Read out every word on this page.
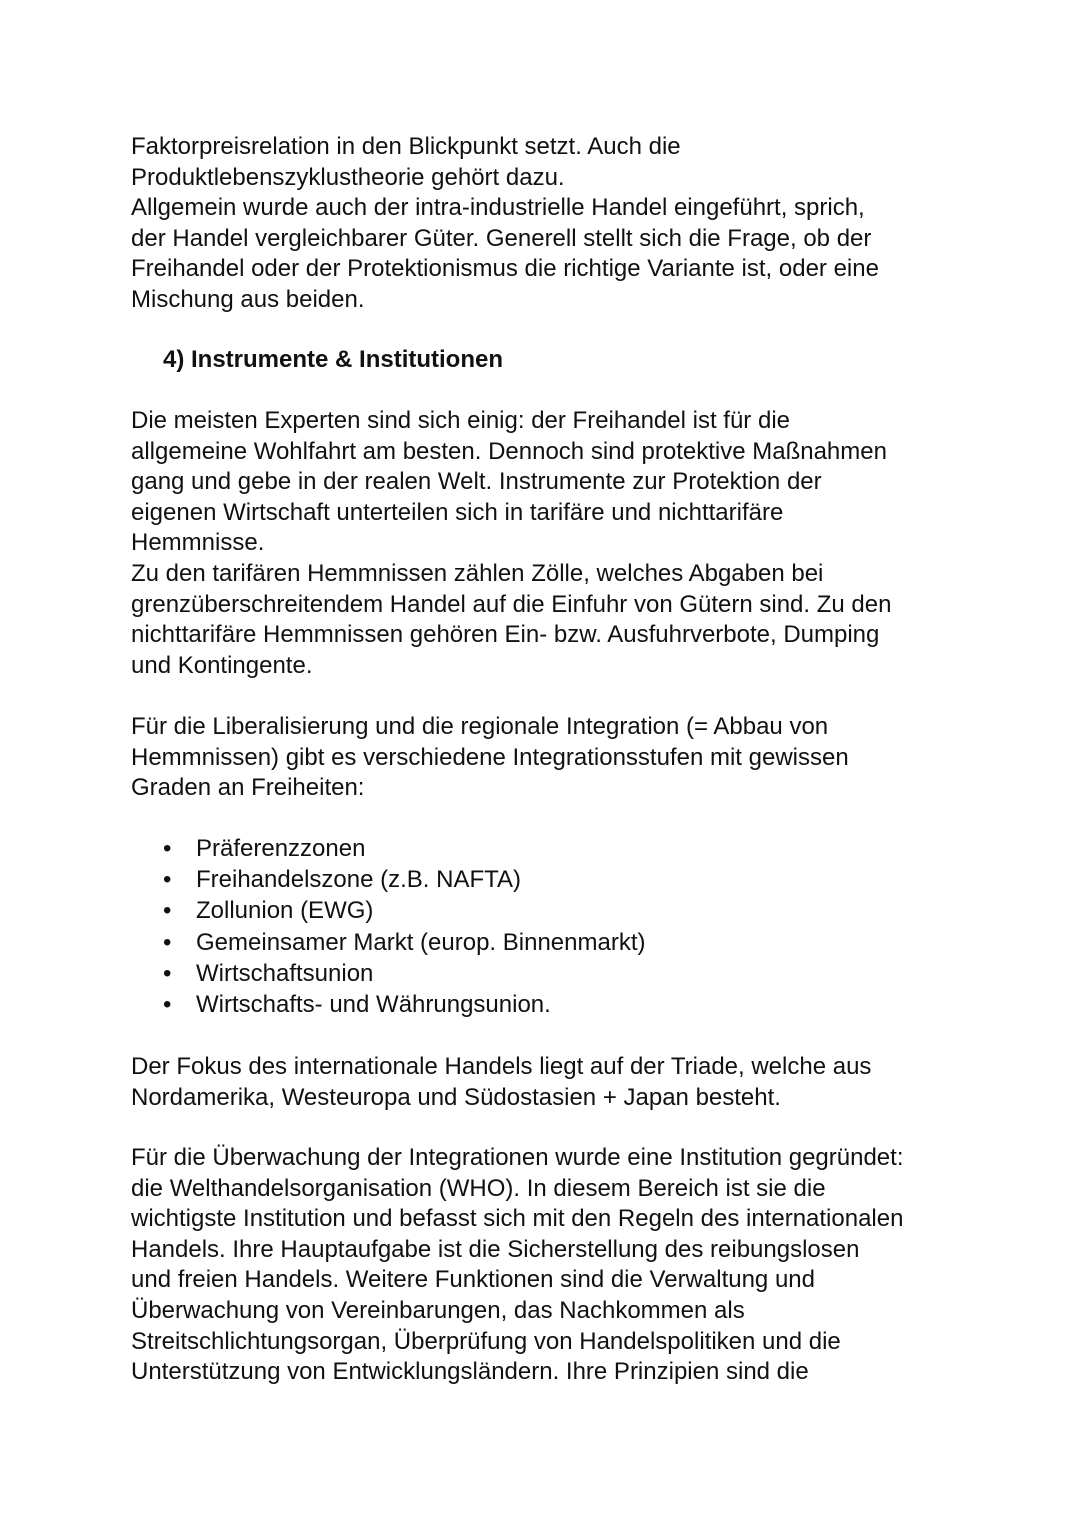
Faktorpreisrelation in den Blickpunkt setzt. Auch die
Produktlebenszyklustheorie gehört dazu.
Allgemein wurde auch der intra-industrielle Handel eingeführt, sprich,
der Handel vergleichbarer Güter. Generell stellt sich die Frage, ob der
Freihandel oder der Protektionismus die richtige Variante ist, oder eine
Mischung aus beiden.
4) Instrumente & Institutionen
Die meisten Experten sind sich einig: der Freihandel ist für die
allgemeine Wohlfahrt am besten. Dennoch sind protektive Maßnahmen
gang und gebe in der realen Welt. Instrumente zur Protektion der
eigenen Wirtschaft unterteilen sich in tarifäre und nichttarifäre
Hemmnisse.
Zu den tarifären Hemmnissen zählen Zölle, welches Abgaben bei
grenzüberschreitendem Handel auf die Einfuhr von Gütern sind. Zu den
nichttarifäre Hemmnissen gehören Ein- bzw. Ausfuhrverbote, Dumping
und Kontingente.
Für die Liberalisierung und die regionale Integration (= Abbau von
Hemmnissen) gibt es verschiedene Integrationsstufen mit gewissen
Graden an Freiheiten:
• Präferenzzonen
• Freihandelszone (z.B. NAFTA)
• Zollunion (EWG)
• Gemeinsamer Markt (europ. Binnenmarkt)
• Wirtschaftsunion
• Wirtschafts- und Währungsunion.
Der Fokus des internationale Handels liegt auf der Triade, welche aus
Nordamerika, Westeuropa und Südostasien + Japan besteht.
Für die Überwachung der Integrationen wurde eine Institution gegründet:
die Welthandelsorganisation (WHO). In diesem Bereich ist sie die
wichtigste Institution und befasst sich mit den Regeln des internationalen
Handels. Ihre Hauptaufgabe ist die Sicherstellung des reibungslosen
und freien Handels. Weitere Funktionen sind die Verwaltung und
Überwachung von Vereinbarungen, das Nachkommen als
Streitschlichtungsorgan, Überprüfung von Handelspolitiken und die
Unterstützung von Entwicklungsländern. Ihre Prinzipien sind die
